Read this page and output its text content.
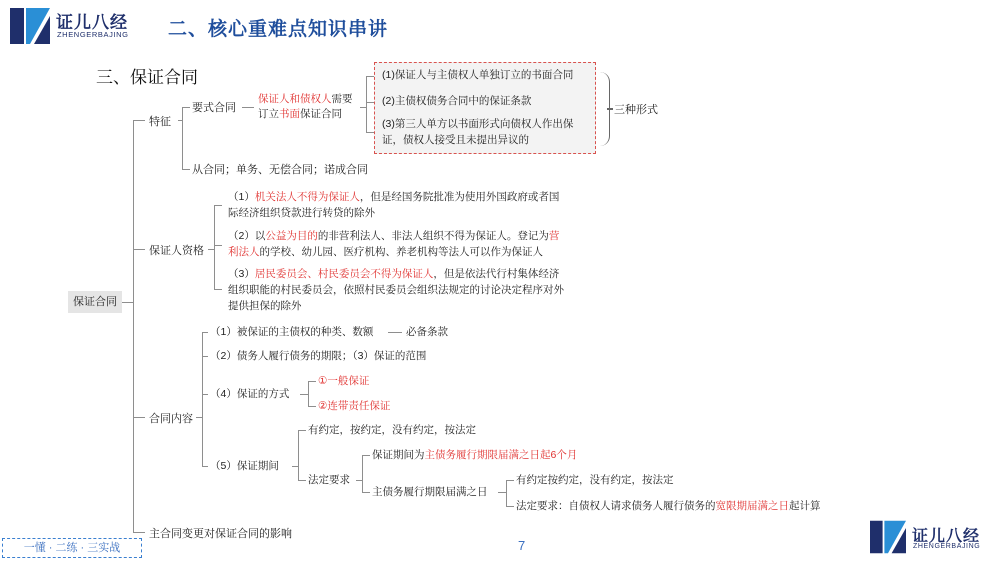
证儿八经
ZHENGERBAJING 二、核心重难点知识串讲
三、保证合同
保证合同
特征
要式合同
保证人和债权人需要
订立书面保证合同
(1)保证人与主债权人单独订立的书面合同
(2)主债权债务合同中的保证条款
(3)第三人单方以书面形式向债权人作出保
证，债权人接受且未提出异议的
三种形式
从合同；单务、无偿合同；诺成合同
保证人资格
（1）机关法人不得为保证人，但是经国务院批准为使用外国政府或者国
际经济组织贷款进行转贷的除外
（2）以公益为目的的非营利法人、非法人组织不得为保证人。登记为营
利法人的学校、幼儿园、医疗机构、养老机构等法人可以作为保证人
（3）居民委员会、村民委员会不得为保证人，但是依法代行村集体经济
组织职能的村民委员会，依照村民委员会组织法规定的讨论决定程序对外
提供担保的除外
合同内容
（1）被保证的主债权的种类、数额	必备条款
（2）债务人履行债务的期限；（3）保证的范围
（4）保证的方式
①一般保证
②连带责任保证
（5）保证期间
有约定，按约定，没有约定，按法定
法定要求
保证期间为主债务履行期限届满之日起6个月
主债务履行期限届满之日
有约定按约定，没有约定，按法定
法定要求：自债权人请求债务人履行债务的宽限期届满之日起计算
主合同变更对保证合同的影响
一懂 · 二练 · 三实战	7
证儿八经
ZHENGERBAJING
